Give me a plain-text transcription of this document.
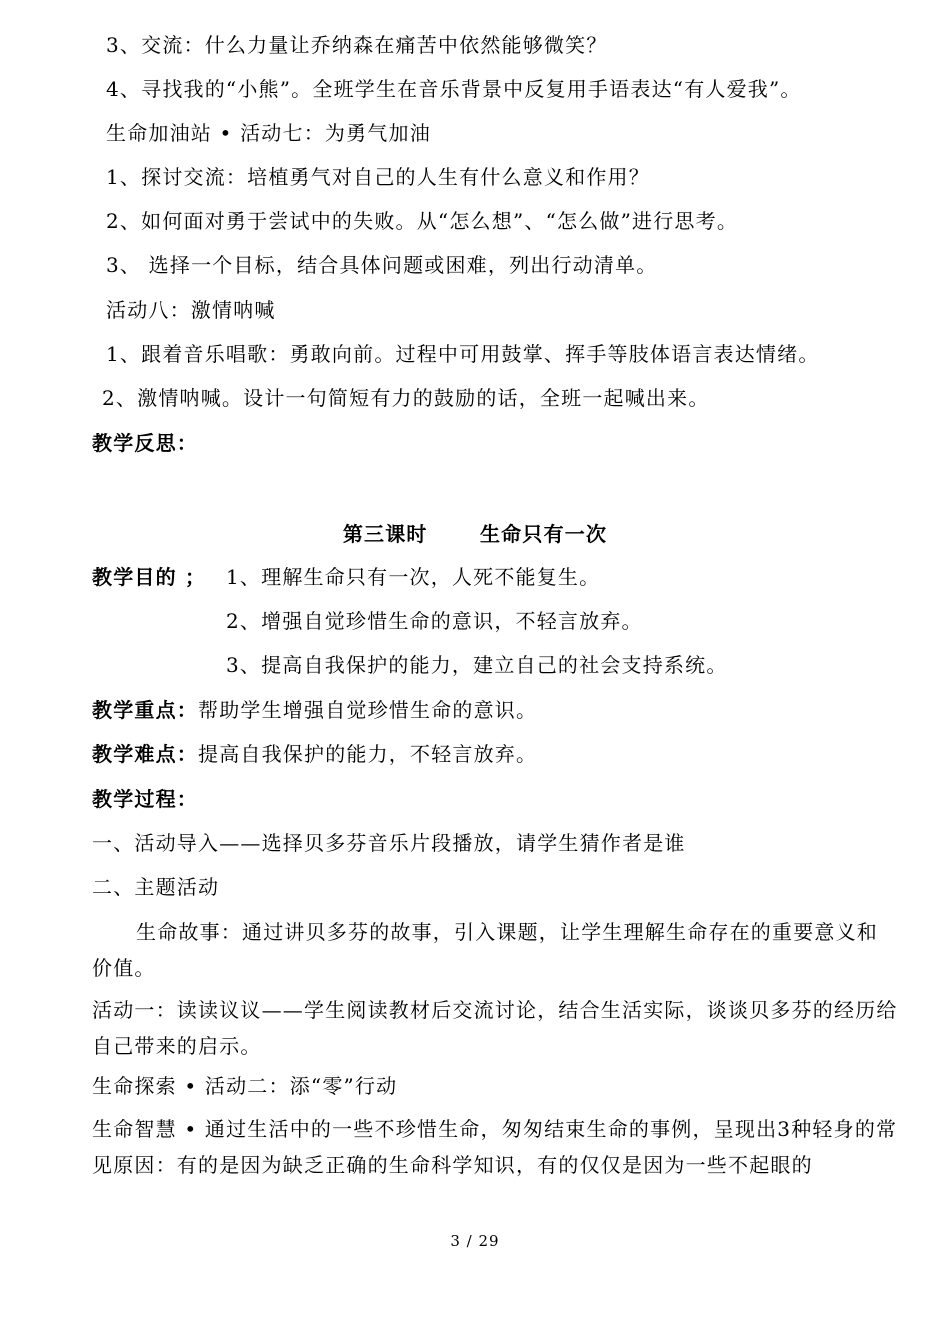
3、交流：什么力量让乔纳森在痛苦中依然能够微笑？
4、寻找我的“小熊”。全班学生在音乐背景中反复用手语表达“有人爱我”。
生命加油站 • 活动七：为勇气加油
1、探讨交流：培植勇气对自己的人生有什么意义和作用？
2、如何面对勇于尝试中的失败。从“怎么想”、“怎么做”进行思考。
3、 选择一个目标，结合具体问题或困难，列出行动清单。
活动八：激情呐喊
1、跟着音乐唱歌：勇敢向前。过程中可用鼓掌、挥手等肢体语言表达情绪。
2、激情呐喊。设计一句简短有力的鼓励的话，全班一起喊出来。
教学反思：
第三课时	生命只有一次
教学目的 ； 1、理解生命只有一次，人死不能复生。
2、增强自觉珍惜生命的意识，不轻言放弃。
3、提高自我保护的能力，建立自己的社会支持系统。
教学重点：帮助学生增强自觉珍惜生命的意识。
教学难点：提高自我保护的能力，不轻言放弃。
教学过程：
一、活动导入——选择贝多芬音乐片段播放，请学生猜作者是谁
二、主题活动
生命故事：通过讲贝多芬的故事，引入课题，让学生理解生命存在的重要意义和价值。
活动一：读读议议——学生阅读教材后交流讨论，结合生活实际，谈谈贝多芬的经历给自己带来的启示。
生命探索 • 活动二：添“零”行动
生命智慧 • 通过生活中的一些不珍惜生命，匆匆结束生命的事例，呈现出3种轻身的常见原因：有的是因为缺乏正确的生命科学知识，有的仅仅是因为一些不起眼的
3 / 29
